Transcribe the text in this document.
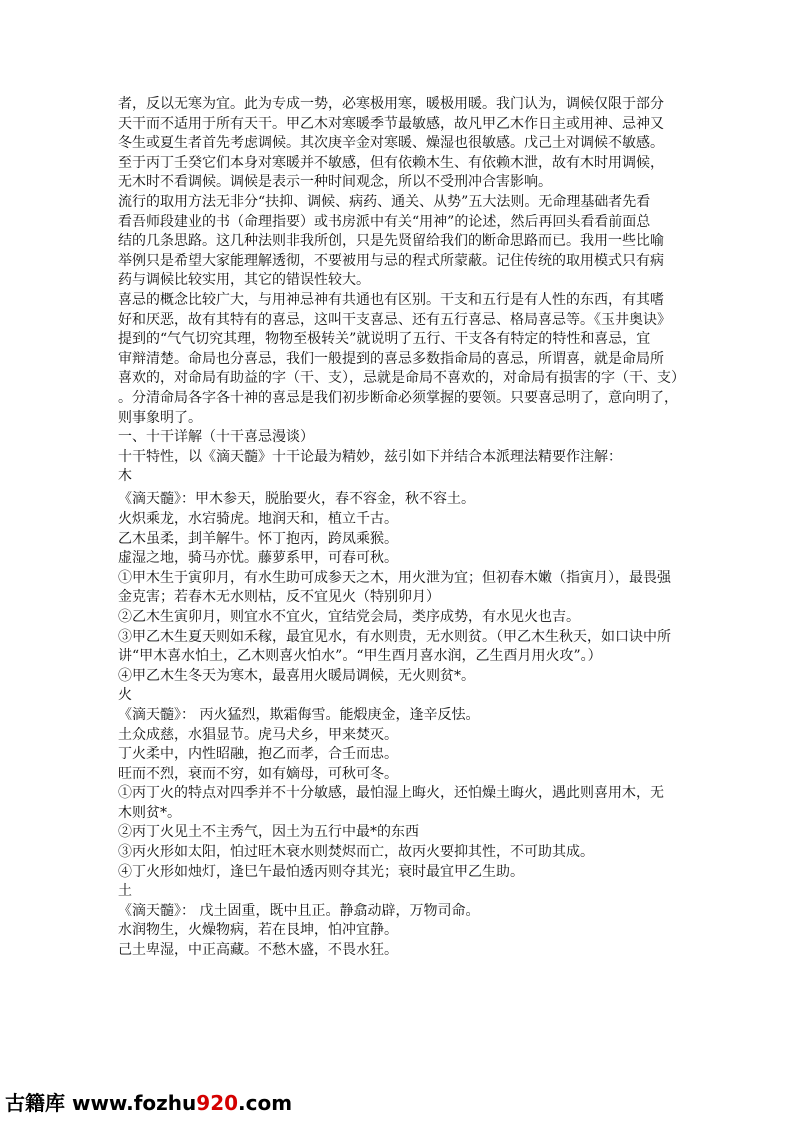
者，反以无寒为宜。此为专成一势，必寒极用寒，暖极用暖。我门认为，调候仅限于部分
天干而不适用于所有天干。甲乙木对寒暖季节最敏感，故凡甲乙木作日主或用神、忌神又
冬生或夏生者首先考虑调候。其次庚辛金对寒暖、燥湿也很敏感。戊己土对调候不敏感。
至于丙丁壬癸它们本身对寒暖并不敏感，但有依赖木生、有依赖木泄，故有木时用调候，
无木时不看调候。调候是表示一种时间观念，所以不受刑冲合害影响。
流行的取用方法无非分“扶抑、调候、病药、通关、从势”五大法则。无命理基础者先看
看吾师段建业的书（命理指要）或书房派中有关“用神”的论述，然后再回头看看前面总
结的几条思路。这几种法则非我所创，只是先贤留给我们的断命思路而已。我用一些比喻
举例只是希望大家能理解透彻，不要被用与忌的程式所蒙蔽。记住传统的取用模式只有病
药与调候比较实用，其它的错误性较大。
喜忌的概念比较广大，与用神忌神有共通也有区别。干支和五行是有人性的东西，有其嗜
好和厌恶，故有其特有的喜忌，这叫干支喜忌、还有五行喜忌、格局喜忌等。《玉井奥诀》
提到的“气气切究其理，物物至极转关”就说明了五行、干支各有特定的特性和喜忌，宜
审辩清楚。命局也分喜忌，我们一般提到的喜忌多数指命局的喜忌，所谓喜，就是命局所
喜欢的，对命局有助益的字（干、支），忌就是命局不喜欢的，对命局有损害的字（干、支）
。分清命局各字各十神的喜忌是我们初步断命必须掌握的要领。只要喜忌明了，意向明了，
则事象明了。
一、十干详解（十干喜忌漫谈）
十干特性，以《滴天髓》十干论最为精妙，兹引如下并结合本派理法精要作注解：
木
《滴天髓》：甲木参天，脱胎要火，春不容金，秋不容土。
火炽乘龙，水宕骑虎。地润天和，植立千古。
乙木虽柔，刲羊解牛。怀丁抱丙，跨凤乘猴。
虚湿之地，骑马亦忧。藤萝系甲，可春可秋。
①甲木生于寅卯月，有水生助可成参天之木，用火泄为宜；但初春木嫩（指寅月），最畏强
金克害；若春木无水则枯，反不宜见火（特别卯月）
②乙木生寅卯月，则宜水不宜火，宜结党会局，类序成势，有水见火也吉。
③甲乙木生夏天则如禾稼，最宜见水，有水则贵，无水则贫。（甲乙木生秋天，如口诀中所
讲“甲木喜水怕土，乙木则喜火怕水”。“甲生酉月喜水润，乙生酉月用火攻”。）
④甲乙木生冬天为寒木，最喜用火暖局调候，无火则贫*。
火
《滴天髓》： 丙火猛烈，欺霜侮雪。能煅庚金，逢辛反怯。
土众成慈，水猖显节。虎马犬乡，甲来焚灭。
丁火柔中，内性昭融，抱乙而孝，合壬而忠。
旺而不烈，衰而不穷，如有嫡母，可秋可冬。
①丙丁火的特点对四季并不十分敏感，最怕湿上晦火，还怕燥土晦火，遇此则喜用木，无
木则贫*。
②丙丁火见土不主秀气，因土为五行中最*的东西
③丙火形如太阳，怕过旺木衰水则焚烬而亡，故丙火要抑其性，不可助其成。
④丁火形如烛灯，逢巳午最怕透丙则夺其光；衰时最宜甲乙生助。
土
《滴天髓》： 戊土固重，既中且正。静翕动辟，万物司命。
水润物生，火燥物病，若在艮坤，怕冲宜静。
己土卑湿，中正高藏。不愁木盛，不畏水狂。
古籍库 www.fozhu920.com
